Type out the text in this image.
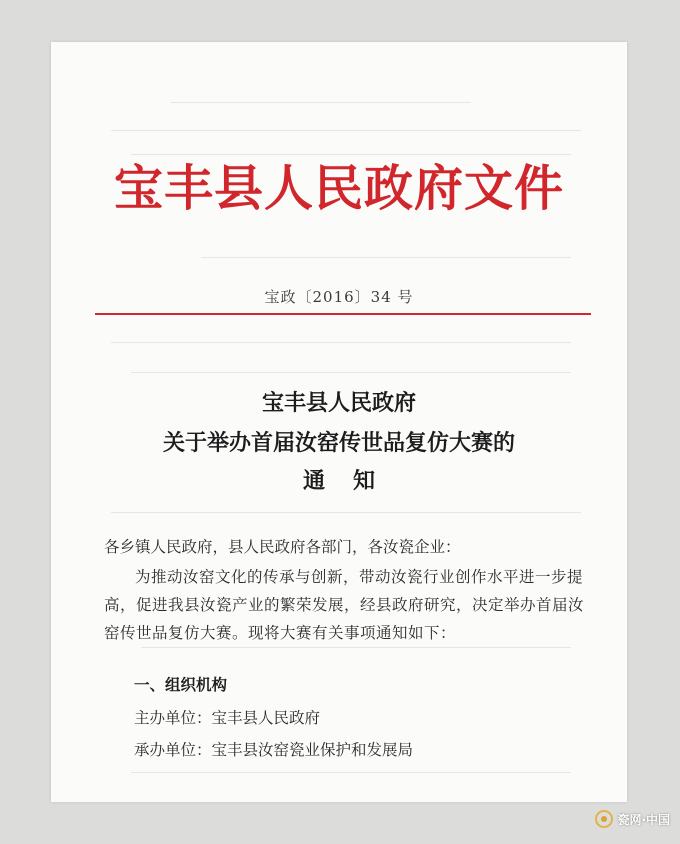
宝丰县人民政府文件
宝政〔2016〕34 号
宝丰县人民政府
关于举办首届汝窑传世品复仿大赛的
通知
各乡镇人民政府，县人民政府各部门，各汝瓷企业：
为推动汝窑文化的传承与创新，带动汝瓷行业创作水平进一步提高，促进我县汝瓷产业的繁荣发展，经县政府研究，决定举办首届汝窑传世品复仿大赛。现将大赛有关事项通知如下：
一、组织机构
主办单位：宝丰县人民政府
承办单位：宝丰县汝窑瓷业保护和发展局
瓷网·中国
